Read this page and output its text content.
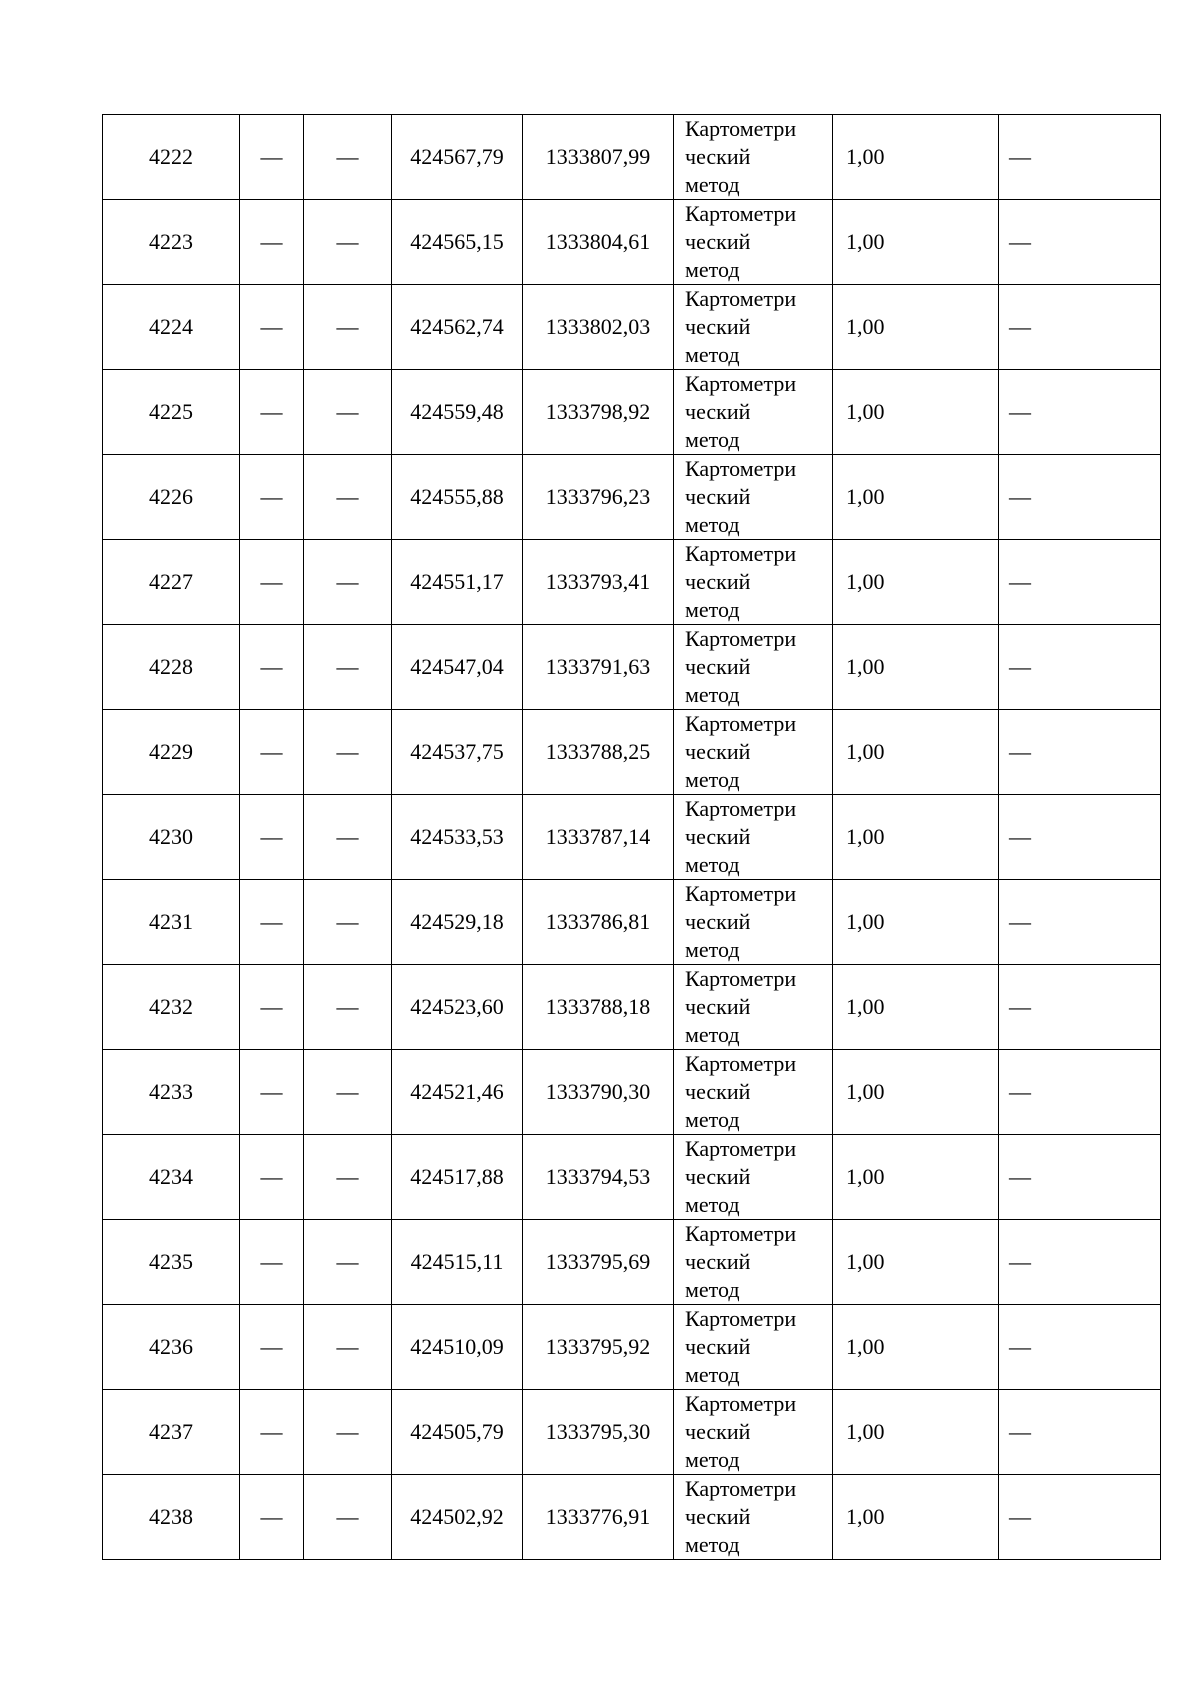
4222	—	—	424567,79	1333807,99	Картометри
ческий
метод	1,00	—
4223	—	—	424565,15	1333804,61	Картометри
ческий
метод	1,00	—
4224	—	—	424562,74	1333802,03	Картометри
ческий
метод	1,00	—
4225	—	—	424559,48	1333798,92	Картометри
ческий
метод	1,00	—
4226	—	—	424555,88	1333796,23	Картометри
ческий
метод	1,00	—
4227	—	—	424551,17	1333793,41	Картометри
ческий
метод	1,00	—
4228	—	—	424547,04	1333791,63	Картометри
ческий
метод	1,00	—
4229	—	—	424537,75	1333788,25	Картометри
ческий
метод	1,00	—
4230	—	—	424533,53	1333787,14	Картометри
ческий
метод	1,00	—
4231	—	—	424529,18	1333786,81	Картометри
ческий
метод	1,00	—
4232	—	—	424523,60	1333788,18	Картометри
ческий
метод	1,00	—
4233	—	—	424521,46	1333790,30	Картометри
ческий
метод	1,00	—
4234	—	—	424517,88	1333794,53	Картометри
ческий
метод	1,00	—
4235	—	—	424515,11	1333795,69	Картометри
ческий
метод	1,00	—
4236	—	—	424510,09	1333795,92	Картометри
ческий
метод	1,00	—
4237	—	—	424505,79	1333795,30	Картометри
ческий
метод	1,00	—
4238	—	—	424502,92	1333776,91	Картометри
ческий
метод	1,00	—
